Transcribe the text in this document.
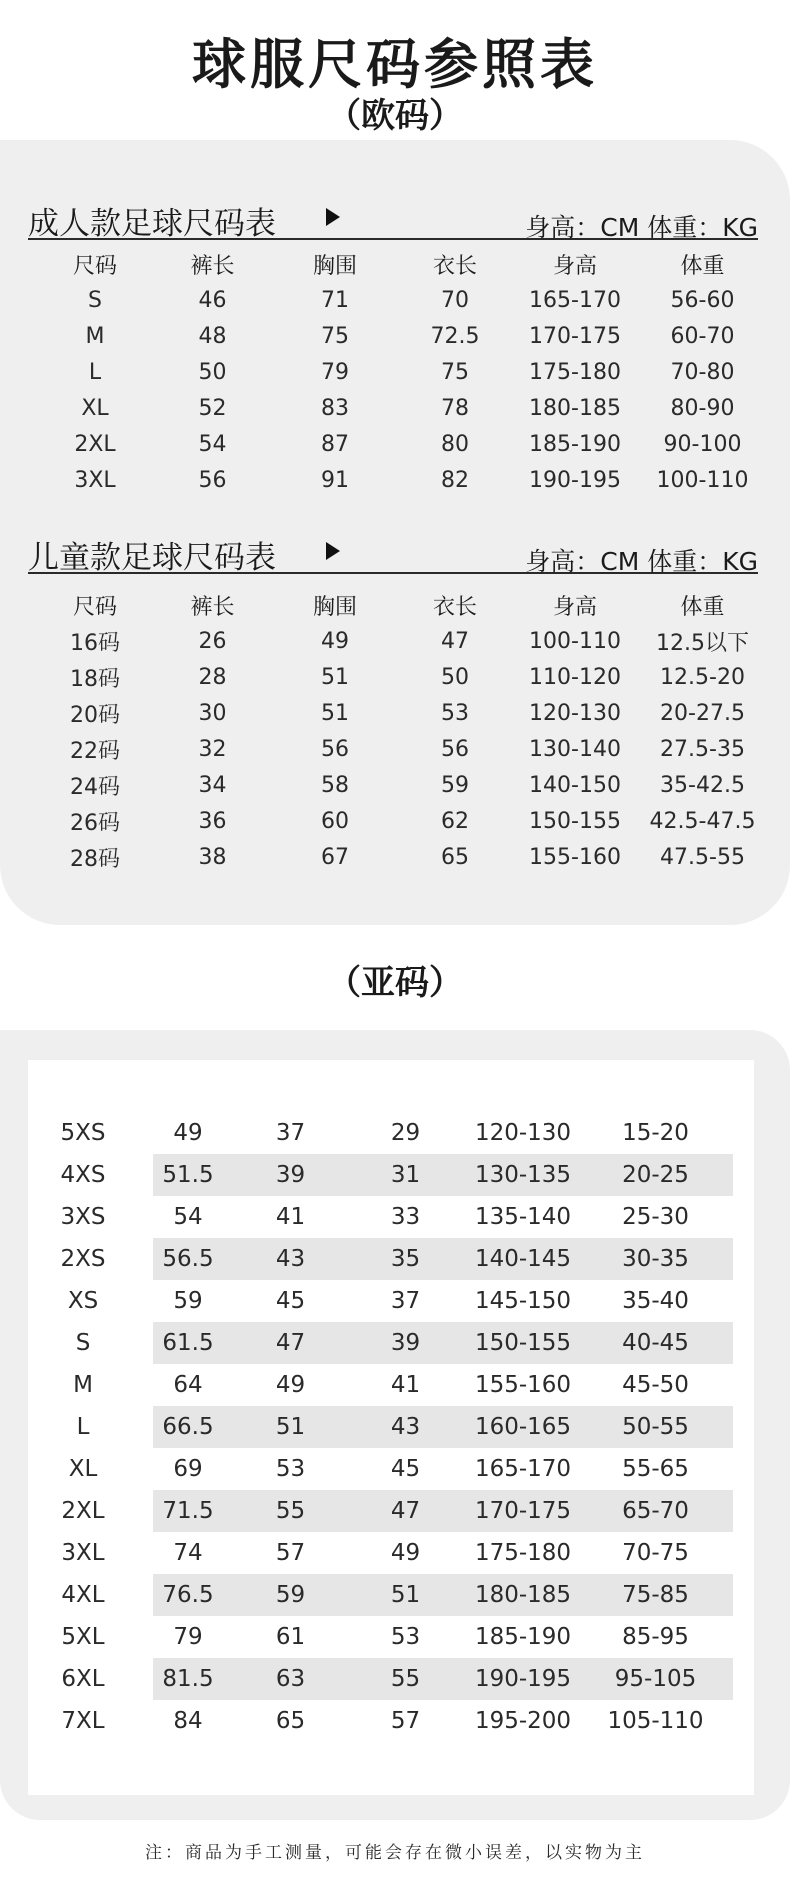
球服尺码参照表
（欧码）
成人款足球尺码表	身高：CM 体重：KG
尺码	裤长	胸围	衣长	身高	体重
S	46	71	70	165-170	56-60
M	48	75	72.5	170-175	60-70
L	50	79	75	175-180	70-80
XL	52	83	78	180-185	80-90
2XL	54	87	80	185-190	90-100
3XL	56	91	82	190-195	100-110
儿童款足球尺码表	身高：CM 体重：KG
尺码	裤长	胸围	衣长	身高	体重
16码	26	49	47	100-110	12.5以下
18码	28	51	50	110-120	12.5-20
20码	30	51	53	120-130	20-27.5
22码	32	56	56	130-140	27.5-35
24码	34	58	59	140-150	35-42.5
26码	36	60	62	150-155	42.5-47.5
28码	38	67	65	155-160	47.5-55
（亚码）
5XS	49	37	29	120-130	15-20
4XS	51.5	39	31	130-135	20-25
3XS	54	41	33	135-140	25-30
2XS	56.5	43	35	140-145	30-35
XS	59	45	37	145-150	35-40
S	61.5	47	39	150-155	40-45
M	64	49	41	155-160	45-50
L	66.5	51	43	160-165	50-55
XL	69	53	45	165-170	55-65
2XL	71.5	55	47	170-175	65-70
3XL	74	57	49	175-180	70-75
4XL	76.5	59	51	180-185	75-85
5XL	79	61	53	185-190	85-95
6XL	81.5	63	55	190-195	95-105
7XL	84	65	57	195-200	105-110
注：商品为手工测量，可能会存在微小误差，以实物为主
